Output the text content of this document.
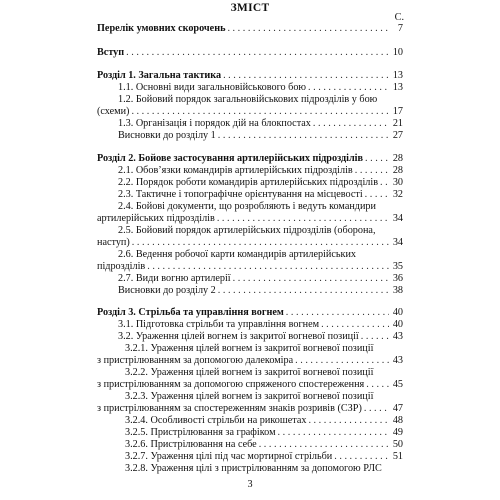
ЗМІСТ
С.
Перелік умовних скорочень . . .	7
Вступ . . .	10
Розділ 1. Загальна тактика . . .	13
1.1. Основні види загальновійськового бою . . .	13
1.2. Бойовий порядок загальновійськових підрозділів у бою
(схеми) . . .	17
1.3. Організація і порядок дій на блокпостах . . .	21
Висновки до розділу 1 . . .	27
Розділ 2. Бойове застосування артилерійських підрозділів . . .	28
2.1. Обов’язки командирів артилерійських підрозділів . . .	28
2.2. Порядок роботи командирів артилерійських підрозділів . . . 30
2.3. Тактичне і топографічне орієнтування на місцевості . . .	32
2.4. Бойові документи, що розробляють і ведуть командири
артилерійських підрозділів . . .	34
2.5. Бойовий порядок артилерійських підрозділів (оборона,
наступ) . . .	34
2.6. Ведення робочої карти командирів артилерійських
підрозділів . . .	35
2.7. Види вогню артилерії . . .	36
Висновки до розділу 2 . . .	38
Розділ 3. Стрільба та управління вогнем . . .	40
3.1. Підготовка стрільби та управління вогнем . . .	40
3.2. Ураження цілей вогнем із закритої вогневої позиції . . .	43
3.2.1. Ураження цілей вогнем із закритої вогневої позиції
з пристрілюванням за допомогою далекоміра . . .	43
3.2.2. Ураження цілей вогнем із закритої вогневої позиції
з пристрілюванням за допомогою спряженого спостереження . . .	45
3.2.3. Ураження цілей вогнем із закритої вогневої позиції
з пристрілюванням за спостереженням знаків розривів (СЗР) . . .	47
3.2.4. Особливості стрільби на рикошетах . . .	48
3.2.5. Пристрілювання за графіком . . .	49
3.2.6. Пристрілювання на себе . . .	50
3.2.7. Ураження цілі під час мортирної стрільби . . .	51
3.2.8. Ураження цілі з пристрілюванням за допомогою РЛС
3
